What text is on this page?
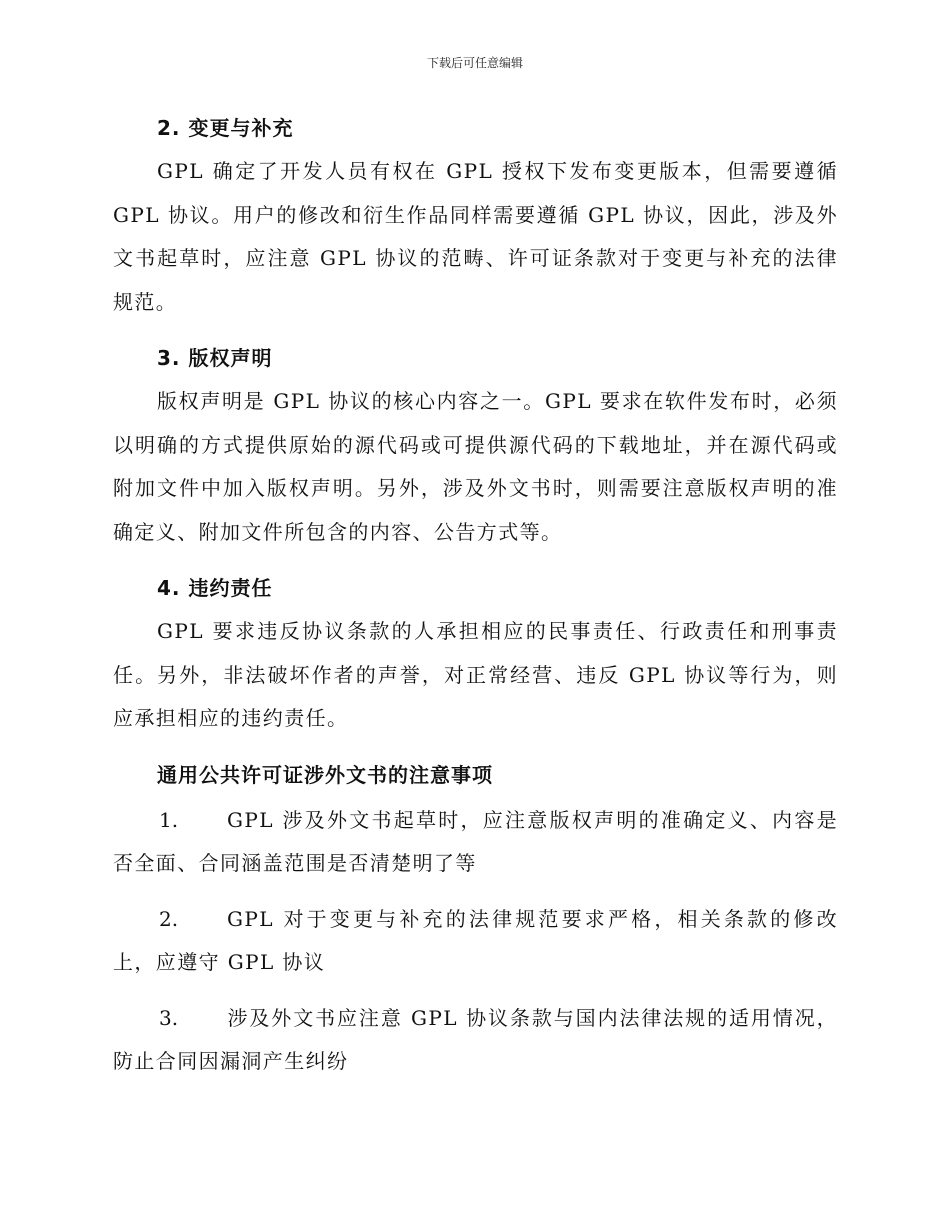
下载后可任意编辑
2. 变更与补充

GPL 确定了开发人员有权在 GPL 授权下发布变更版本，但需要遵循 GPL 协议。用户的修改和衍生作品同样需要遵循 GPL 协议，因此，涉及外文书起草时，应注意 GPL 协议的范畴、许可证条款对于变更与补充的法律规范。

3. 版权声明

版权声明是 GPL 协议的核心内容之一。GPL 要求在软件发布时，必须以明确的方式提供原始的源代码或可提供源代码的下载地址，并在源代码或附加文件中加入版权声明。另外，涉及外文书时，则需要注意版权声明的准确定义、附加文件所包含的内容、公告方式等。

4. 违约责任

GPL 要求违反协议条款的人承担相应的民事责任、行政责任和刑事责任。另外，非法破坏作者的声誉，对正常经营、违反 GPL 协议等行为，则应承担相应的违约责任。

通用公共许可证涉外文书的注意事项

1. GPL 涉及外文书起草时，应注意版权声明的准确定义、内容是否全面、合同涵盖范围是否清楚明了等

2. GPL 对于变更与补充的法律规范要求严格，相关条款的修改上，应遵守 GPL 协议

3. 涉及外文书应注意 GPL 协议条款与国内法律法规的适用情况，防止合同因漏洞产生纠纷
